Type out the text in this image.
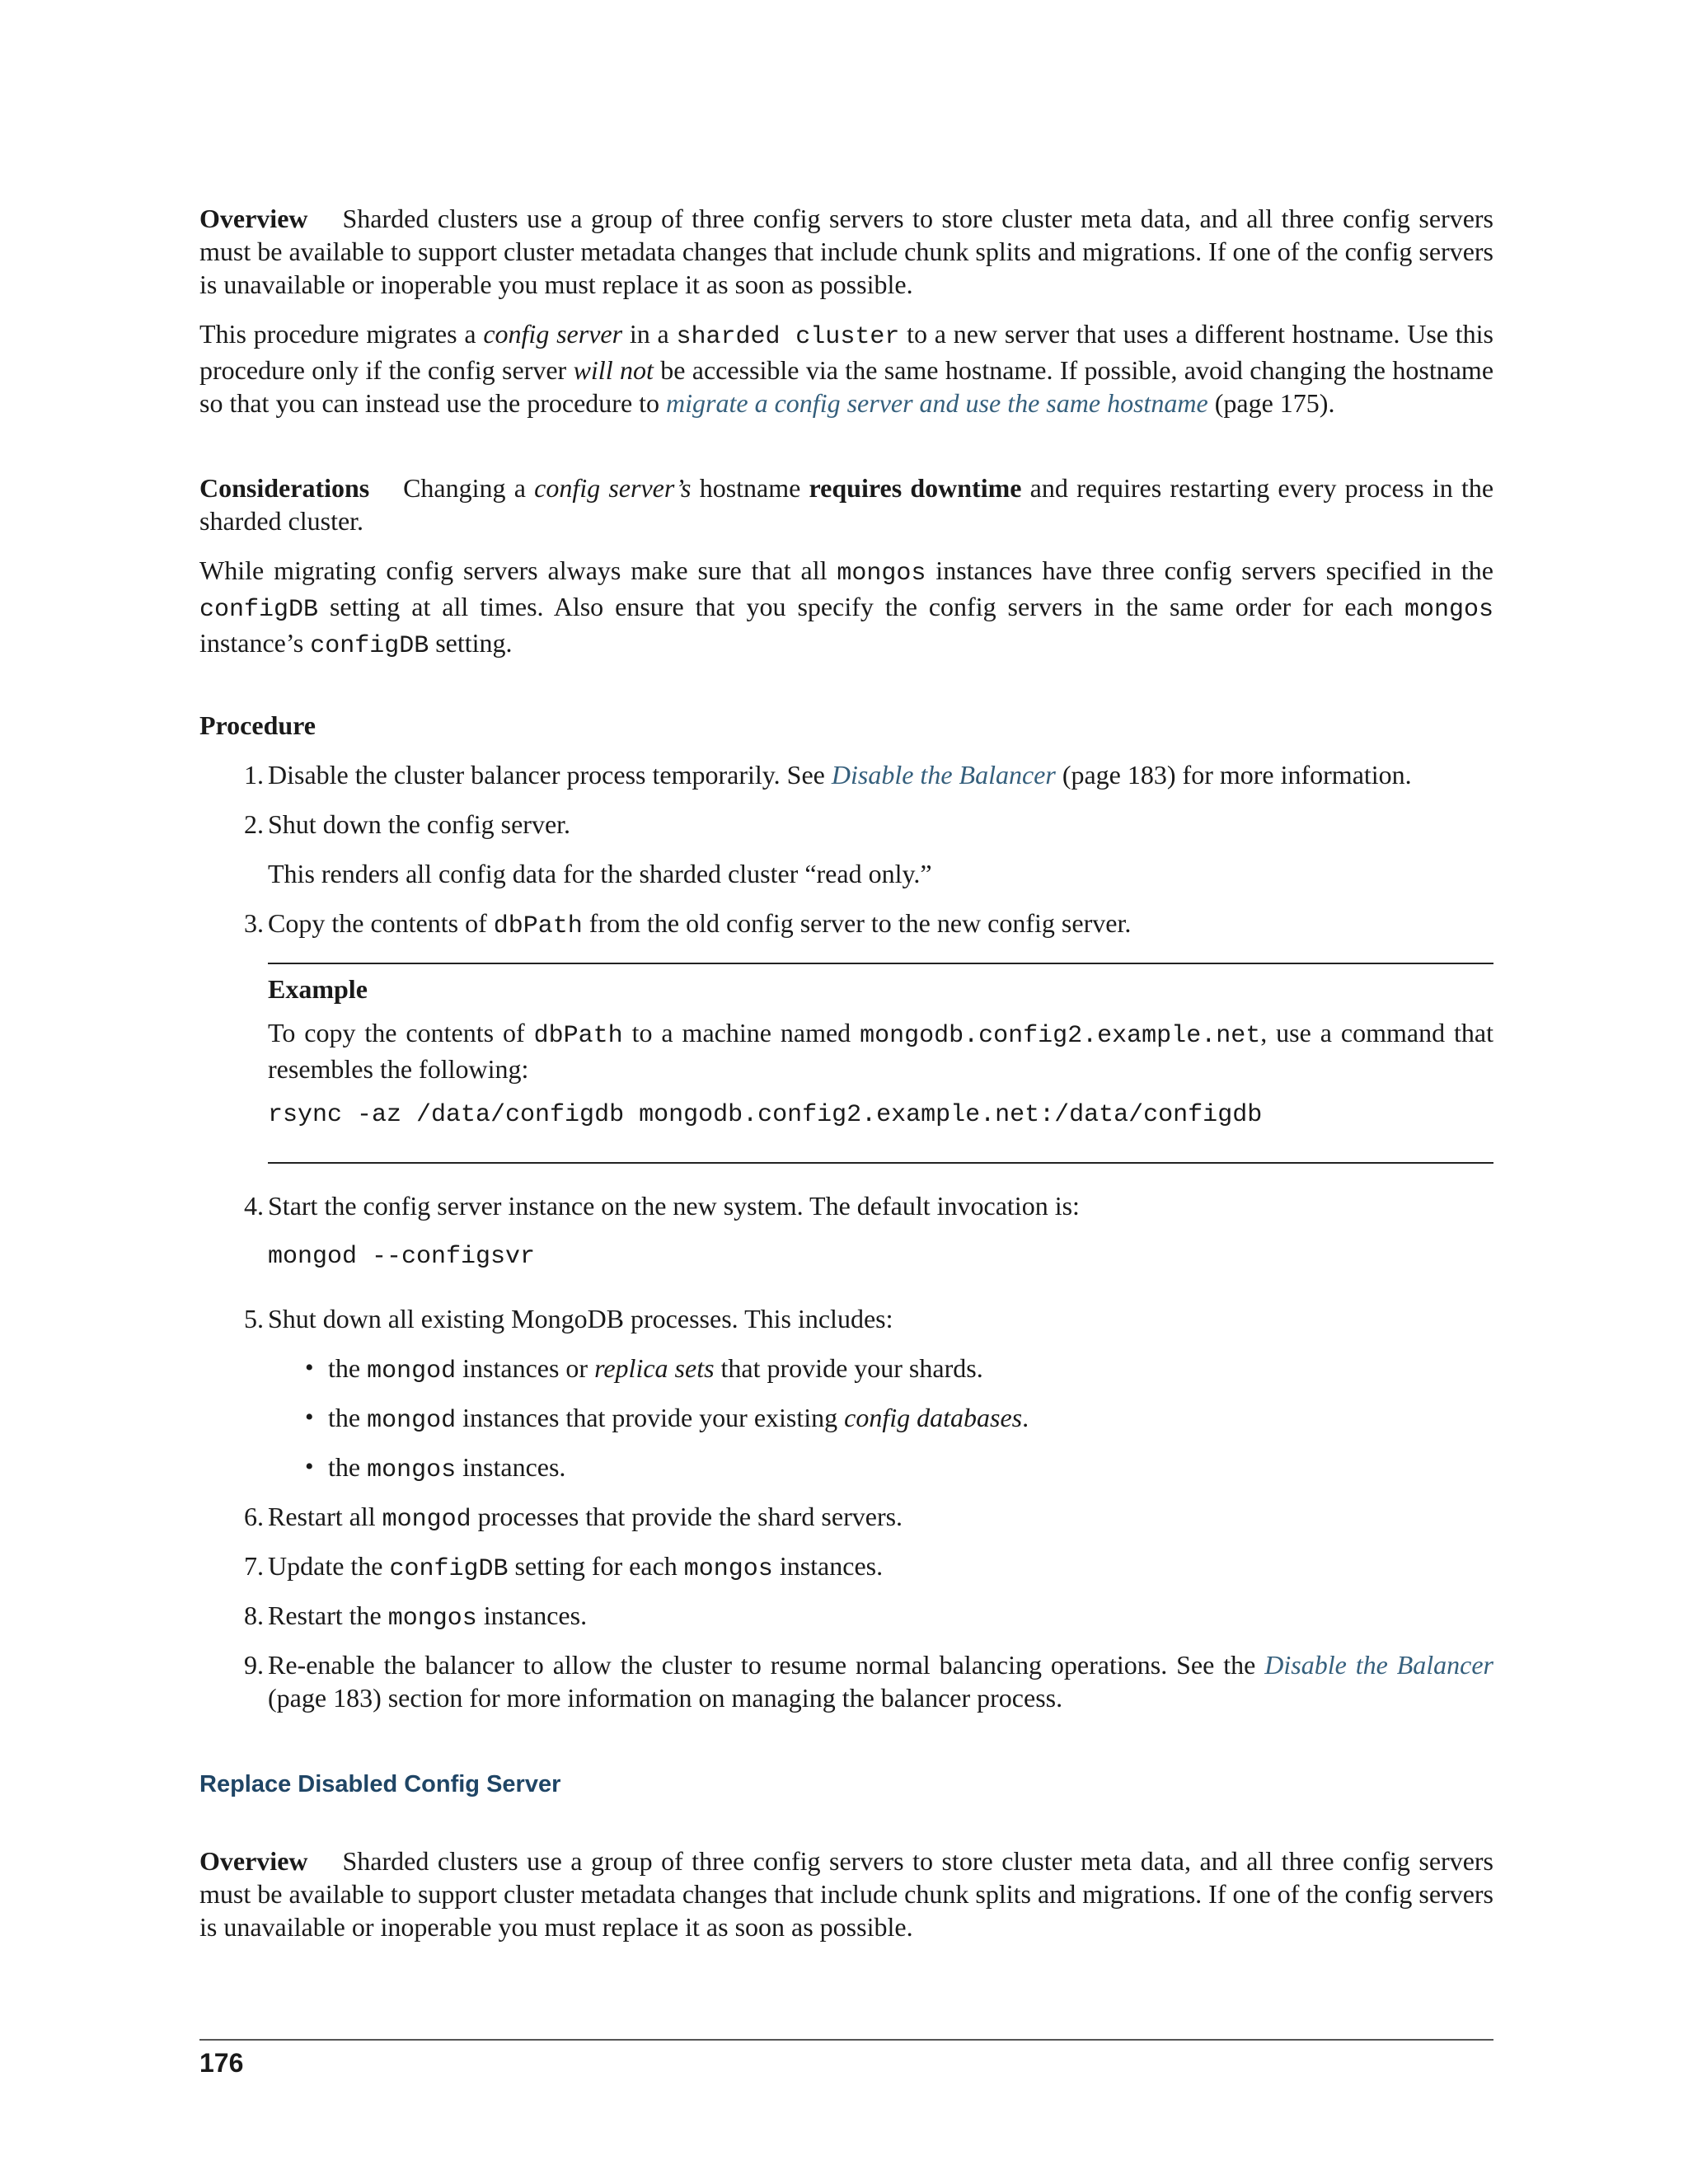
Overview Sharded clusters use a group of three config servers to store cluster meta data, and all three config servers must be available to support cluster metadata changes that include chunk splits and migrations. If one of the config servers is unavailable or inoperable you must replace it as soon as possible.

This procedure migrates a config server in a sharded cluster to a new server that uses a different hostname. Use this procedure only if the config server will not be accessible via the same hostname. If possible, avoid changing the hostname so that you can instead use the procedure to migrate a config server and use the same hostname (page 175).

Considerations Changing a config server’s hostname requires downtime and requires restarting every process in the sharded cluster.

While migrating config servers always make sure that all mongos instances have three config servers specified in the configDB setting at all times. Also ensure that you specify the config servers in the same order for each mongos instance’s configDB setting.

Procedure
1. Disable the cluster balancer process temporarily. See Disable the Balancer (page 183) for more information.

2. Shut down the config server.

This renders all config data for the sharded cluster “read only.”

3. Copy the contents of dbPath from the old config server to the new config server.

Example

To copy the contents of dbPath to a machine named mongodb.config2.example.net, use a command that resembles the following:

rsync -az /data/configdb mongodb.config2.example.net:/data/configdb

4. Start the config server instance on the new system. The default invocation is:

mongod --configsvr

5. Shut down all existing MongoDB processes. This includes:

• the mongod instances or replica sets that provide your shards.

• the mongod instances that provide your existing config databases.

• the mongos instances.

6. Restart all mongod processes that provide the shard servers.

7. Update the configDB setting for each mongos instances.

8. Restart the mongos instances.

9. Re-enable the balancer to allow the cluster to resume normal balancing operations. See the Disable the Balancer (page 183) section for more information on managing the balancer process.

Replace Disabled Config Server

Overview Sharded clusters use a group of three config servers to store cluster meta data, and all three config servers must be available to support cluster metadata changes that include chunk splits and migrations. If one of the config servers is unavailable or inoperable you must replace it as soon as possible.

176
